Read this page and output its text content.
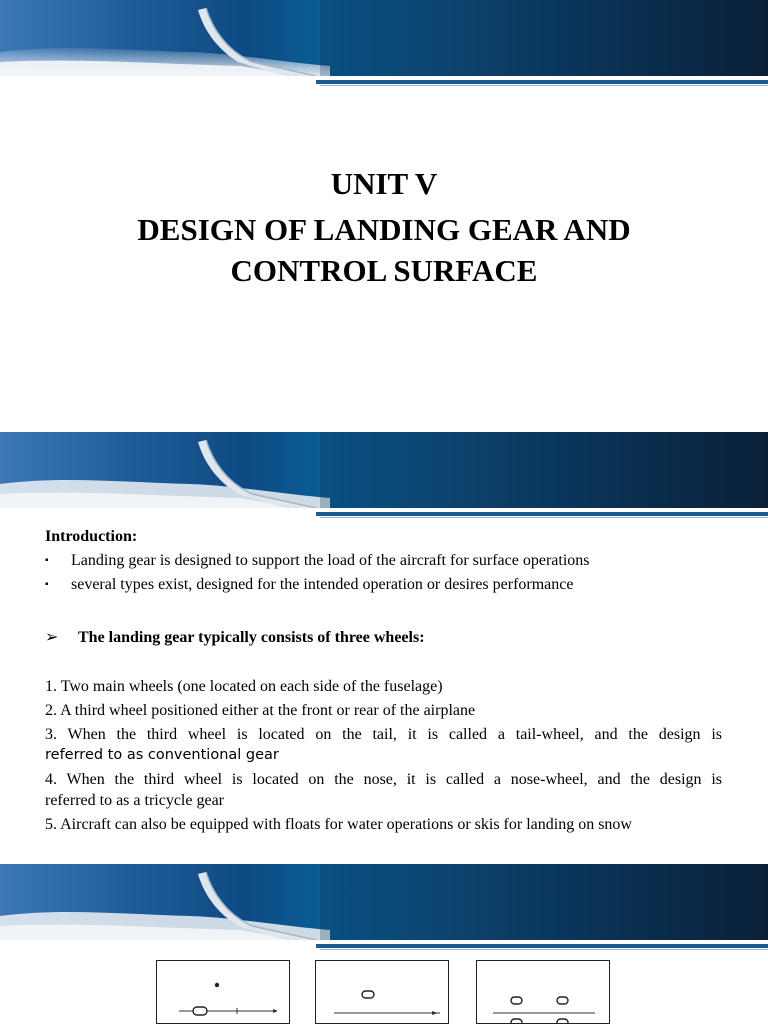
UNIT V
DESIGN OF LANDING GEAR AND
CONTROL SURFACE
Introduction:
▪ Landing gear is designed to support the load of the aircraft for surface operations
▪ several types exist, designed for the intended operation or desires performance
➢ The landing gear typically consists of three wheels:
1. Two main wheels (one located on each side of the fuselage)
2. A third wheel positioned either at the front or rear of the airplane
3. When the third wheel is located on the tail, it is called a tail-wheel, and the design is
referred to as conventional gear
4. When the third wheel is located on the nose, it is called a nose-wheel, and the design is
referred to as a tricycle gear
5. Aircraft can also be equipped with floats for water operations or skis for landing on snow
